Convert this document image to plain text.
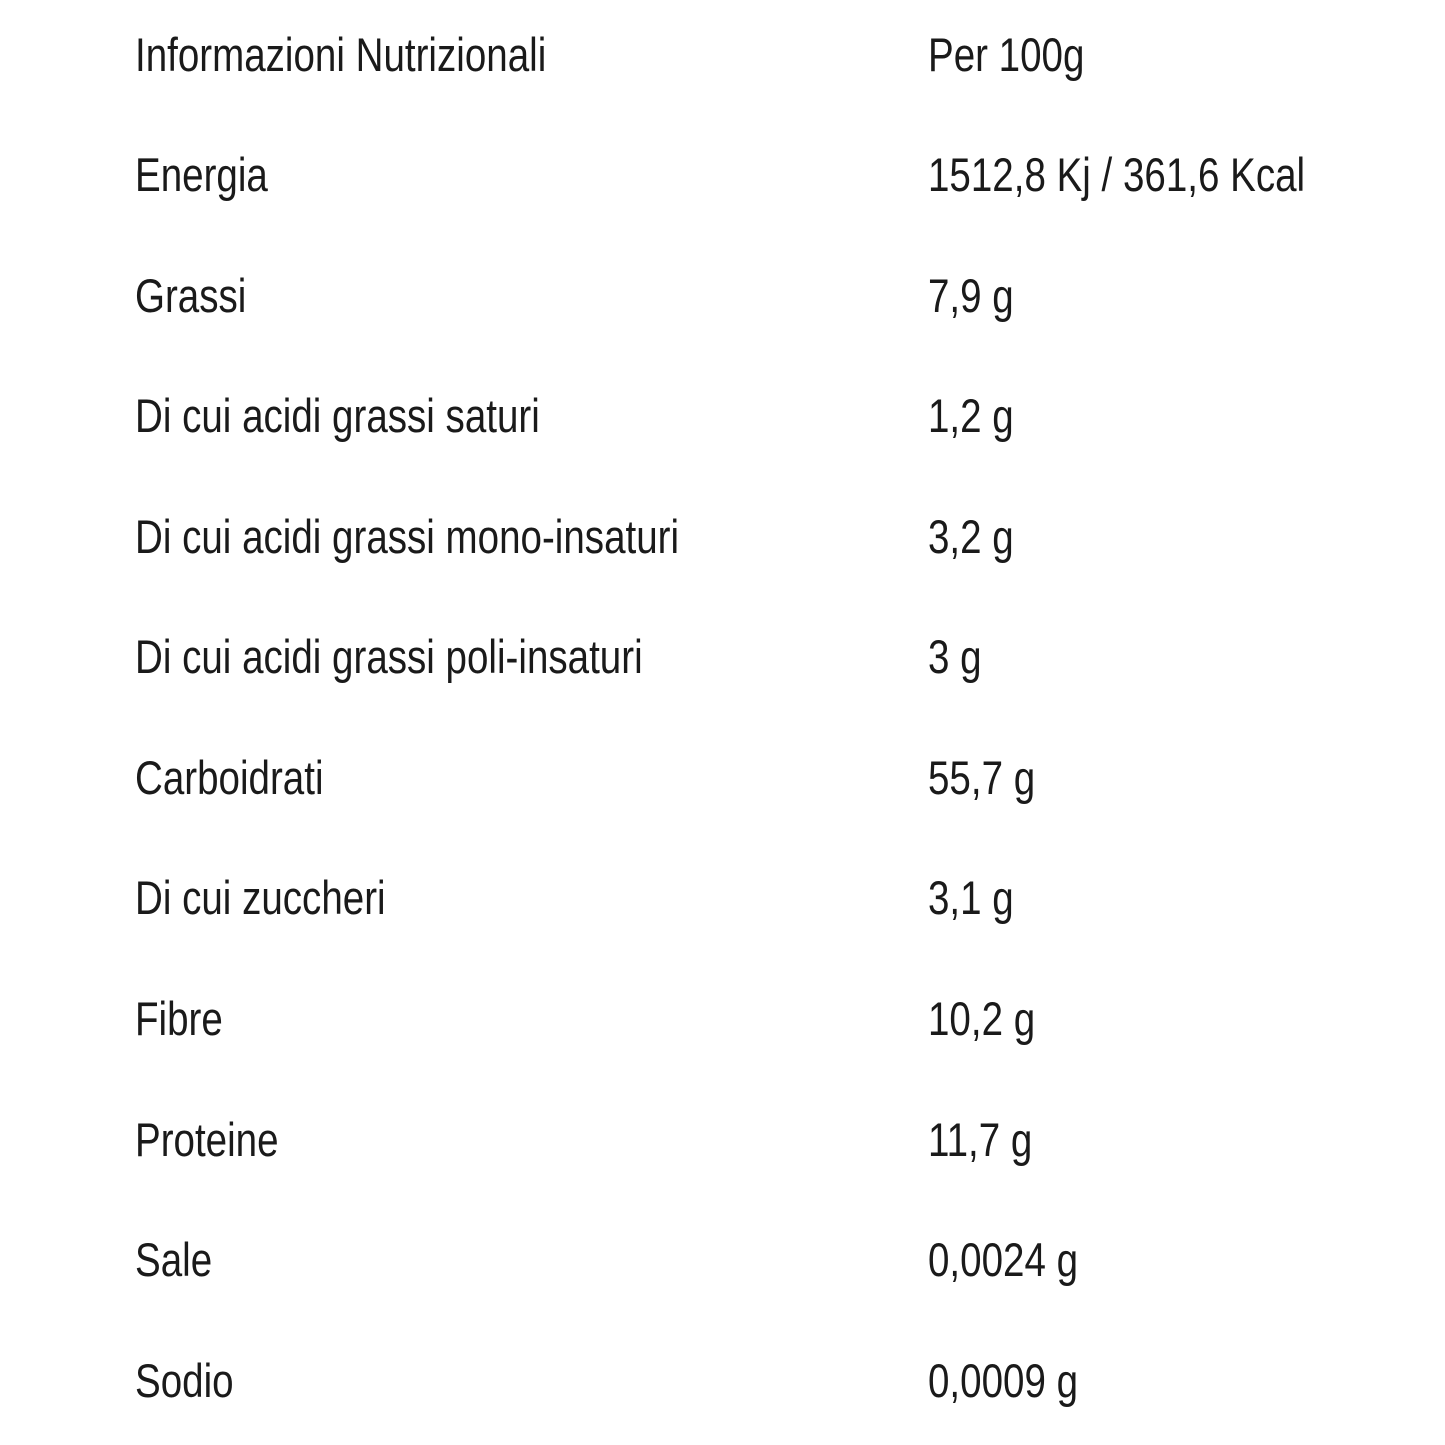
Informazioni Nutrizionali	Per 100g
Energia	1512,8 Kj / 361,6 Kcal
Grassi	7,9 g
Di cui acidi grassi saturi	1,2 g
Di cui acidi grassi mono-insaturi	3,2 g
Di cui acidi grassi poli-insaturi	3 g
Carboidrati	55,7 g
Di cui zuccheri	3,1 g
Fibre	10,2 g
Proteine	11,7 g
Sale	0,0024 g
Sodio	0,0009 g
